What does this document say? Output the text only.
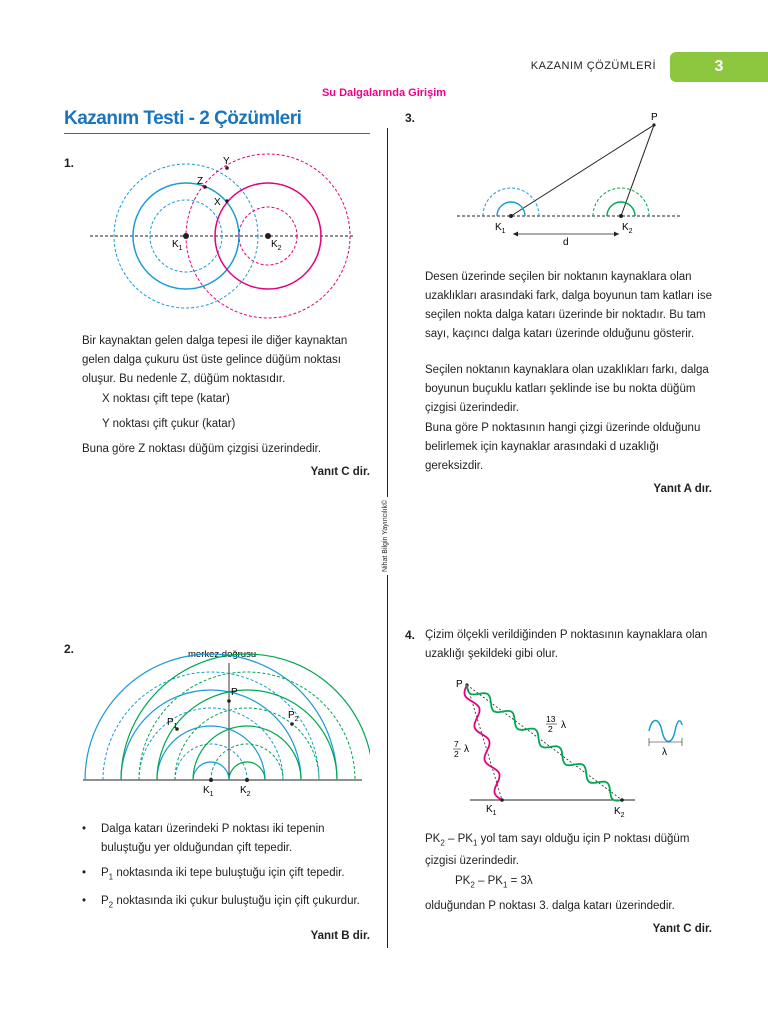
KAZANIM ÇÖZÜMLERİ	3
Su Dalgalarında Girişim
Kazanım Testi - 2 Çözümleri
Nihat Bilgin Yayıncılık©
1.	Y
Z
X
$K_1$	$K_2$
Bir kaynaktan gelen dalga tepesi ile diğer kaynaktan gelen dalga çukuru üst üste gelince düğüm noktası oluşur. Bu nedenle Z, düğüm noktasıdır.
X noktası çift tepe (katar)
Y noktası çift çukur (katar)
Buna göre Z noktası düğüm çizgisi üzerindedir.
Yanıt C dir.
2.	merkez doğrusu
P
$P_1$
$P_2$
$K_1$	$K_2$
• Dalga katarı üzerindeki P noktası iki tepenin buluştuğu yer olduğundan çift tepedir.
• $P_1$ noktasında iki tepe buluştuğu için çift tepedir.
• $P_2$ noktasında iki çukur buluştuğu için çift çukurdur.
Yanıt B dir.
3.	P
$K_1$	$K_2$
d
Desen üzerinde seçilen bir noktanın kaynaklara olan uzaklıkları arasındaki fark, dalga boyunun tam katları ise seçilen nokta dalga katarı üzerinde bir noktadır. Bu tam sayı, kaçıncı dalga katarı üzerinde olduğunu gösterir.
Seçilen noktanın kaynaklara olan uzaklıkları farkı, dalga boyunun buçuklu katları şeklinde ise bu nokta düğüm çizgisi üzerindedir.
Buna göre P noktasının hangi çizgi üzerinde olduğunu belirlemek için kaynaklar arasındaki d uzaklığı gereksizdir.
Yanıt A dır.
4. Çizim ölçekli verildiğinden P noktasının kaynaklara olan uzaklığı şekildeki gibi olur.
P
$K_1$	$K_2$
13
2 λ
7
2 λ	λ
$PK_2 - PK_1$ yol tam sayı olduğu için P noktası düğüm çizgisi üzerindedir.
$PK_2 - PK_1 = 3\lambda$
olduğundan P noktası 3. dalga katarı üzerindedir.
Yanıt C dir.
